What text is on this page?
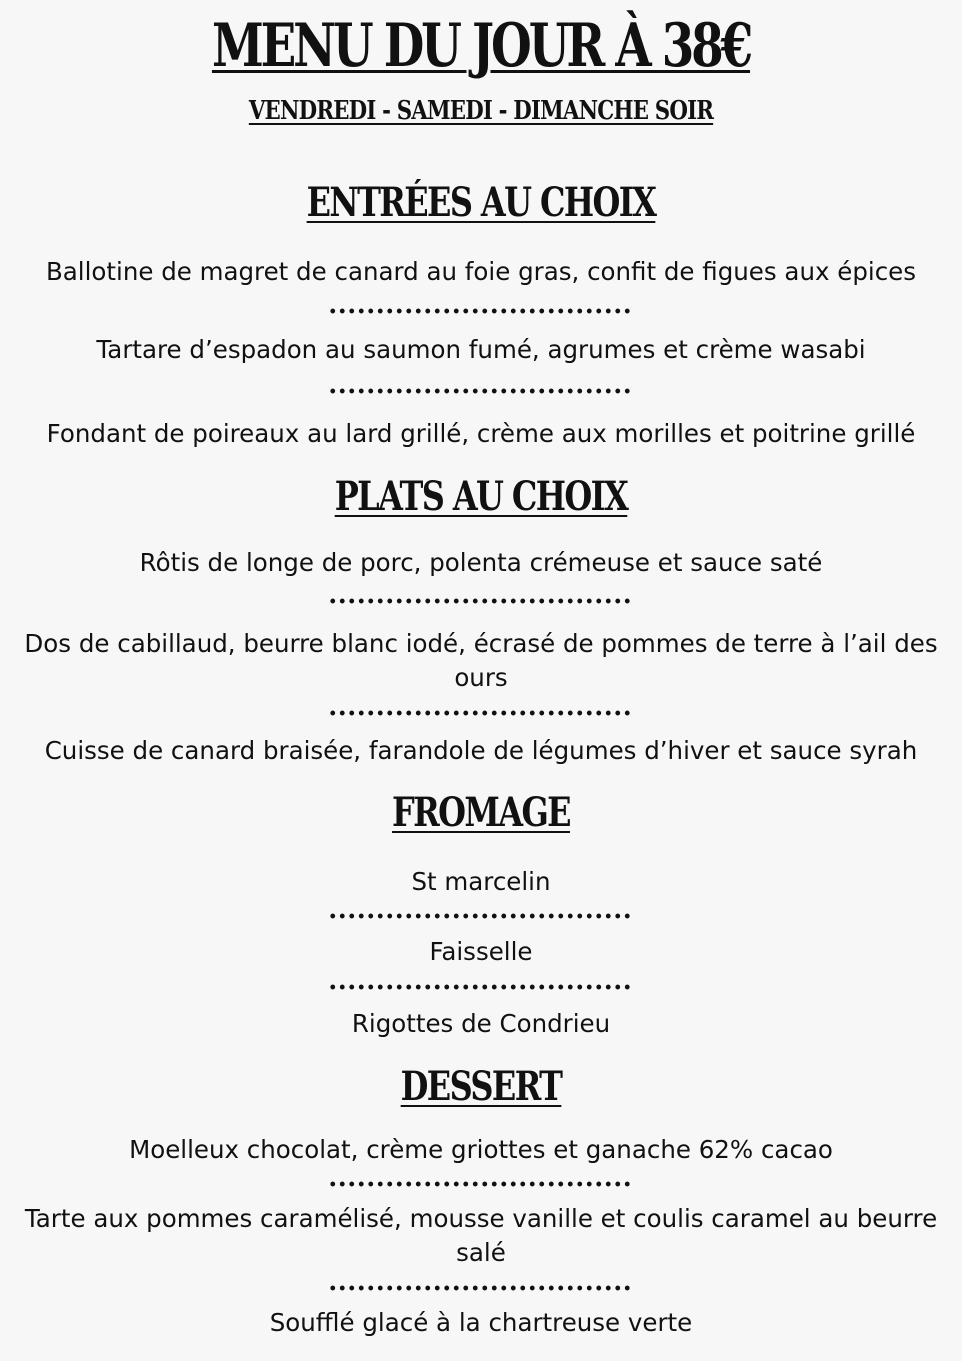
MENU DU JOUR À 38€
VENDREDI - SAMEDI - DIMANCHE SOIR
ENTRÉES AU CHOIX
Ballotine de magret de canard au foie gras, confit de figues aux épices
Tartare d’espadon au saumon fumé, agrumes et crème wasabi
Fondant de poireaux au lard grillé, crème aux morilles et poitrine grillé
PLATS AU CHOIX
Rôtis de longe de porc, polenta crémeuse et sauce saté
Dos de cabillaud, beurre blanc iodé, écrasé de pommes de terre à l’ail des ours
Cuisse de canard braisée, farandole de légumes d’hiver et sauce syrah
FROMAGE
St marcelin
Faisselle
Rigottes de Condrieu
DESSERT
Moelleux chocolat, crème griottes et ganache 62% cacao
Tarte aux pommes caramélisé, mousse vanille et coulis caramel au beurre salé
Soufflé glacé à la chartreuse verte
